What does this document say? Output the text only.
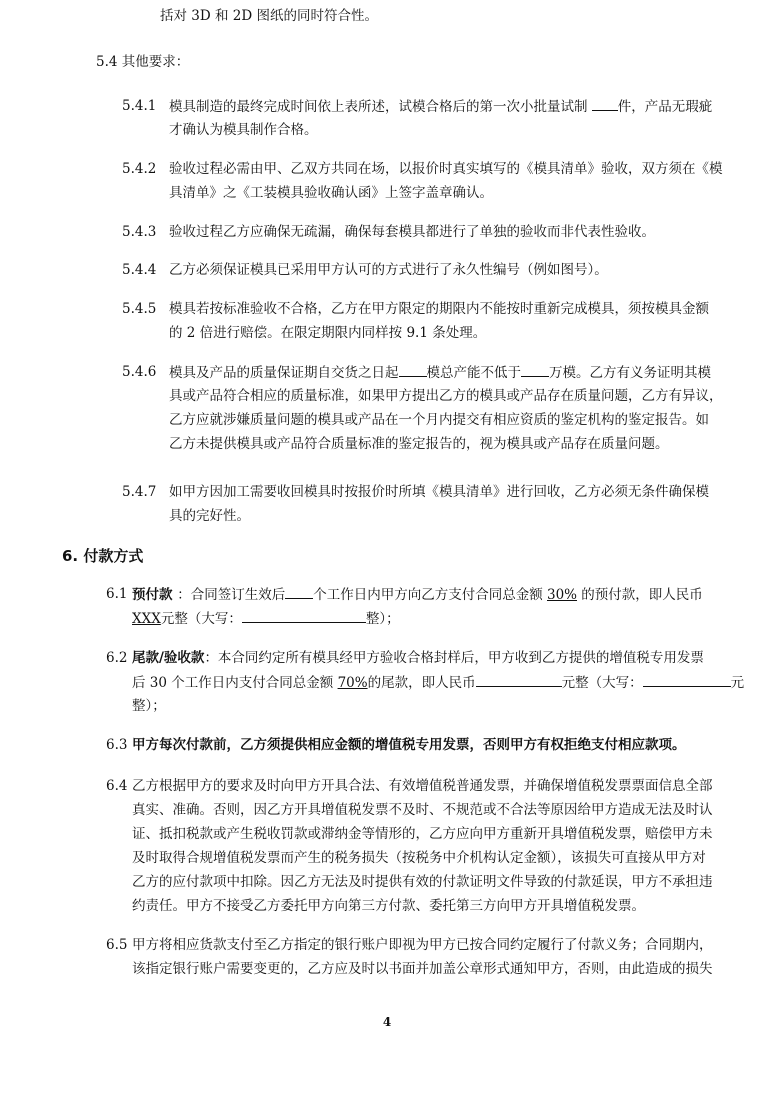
括对 3D 和 2D 图纸的同时符合性。
5.4 其他要求：
5.4.1 模具制造的最终完成时间依上表所述，试模合格后的第一次小批量试制 件，产品无瑕疵
才确认为模具制作合格。
5.4.2 验收过程必需由甲、乙双方共同在场，以报价时真实填写的《模具清单》验收，双方须在《模
具清单》之《工装模具验收确认函》上签字盖章确认。
5.4.3 验收过程乙方应确保无疏漏，确保每套模具都进行了单独的验收而非代表性验收。
5.4.4 乙方必须保证模具已采用甲方认可的方式进行了永久性编号（例如图号）。
5.4.5 模具若按标准验收不合格，乙方在甲方限定的期限内不能按时重新完成模具，须按模具金额
的 2 倍进行赔偿。在限定期限内同样按 9.1 条处理。
5.4.6 模具及产品的质量保证期自交货之日起 模总产能不低于 万模。乙方有义务证明其模
具或产品符合相应的质量标准，如果甲方提出乙方的模具或产品存在质量问题，乙方有异议，
乙方应就涉嫌质量问题的模具或产品在一个月内提交有相应资质的鉴定机构的鉴定报告。如
乙方未提供模具或产品符合质量标准的鉴定报告的，视为模具或产品存在质量问题。
5.4.7 如甲方因加工需要收回模具时按报价时所填《模具清单》进行回收，乙方必须无条件确保模
具的完好性。
6. 付款方式
6.1 预付款 ：合同签订生效后 个工作日内甲方向乙方支付合同总金额 30% 的预付款，即人民币
XXX元整（大写：	整）；
6.2 尾款/验收款：本合同约定所有模具经甲方验收合格封样后，甲方收到乙方提供的增值税专用发票
后 30 个工作日内支付合同总金额 70%的尾款，即人民币	元整（大写：	元
整）；
6.3 甲方每次付款前，乙方须提供相应金额的增值税专用发票，否则甲方有权拒绝支付相应款项。
6.4 乙方根据甲方的要求及时向甲方开具合法、有效增值税普通发票，并确保增值税发票票面信息全部
真实、准确。否则，因乙方开具增值税发票不及时、不规范或不合法等原因给甲方造成无法及时认
证、抵扣税款或产生税收罚款或滞纳金等情形的，乙方应向甲方重新开具增值税发票，赔偿甲方未
及时取得合规增值税发票而产生的税务损失（按税务中介机构认定金额），该损失可直接从甲方对
乙方的应付款项中扣除。因乙方无法及时提供有效的付款证明文件导致的付款延误，甲方不承担违
约责任。甲方不接受乙方委托甲方向第三方付款、委托第三方向甲方开具增值税发票。
6.5 甲方将相应货款支付至乙方指定的银行账户即视为甲方已按合同约定履行了付款义务；合同期内，
该指定银行账户需要变更的，乙方应及时以书面并加盖公章形式通知甲方，否则，由此造成的损失
4
